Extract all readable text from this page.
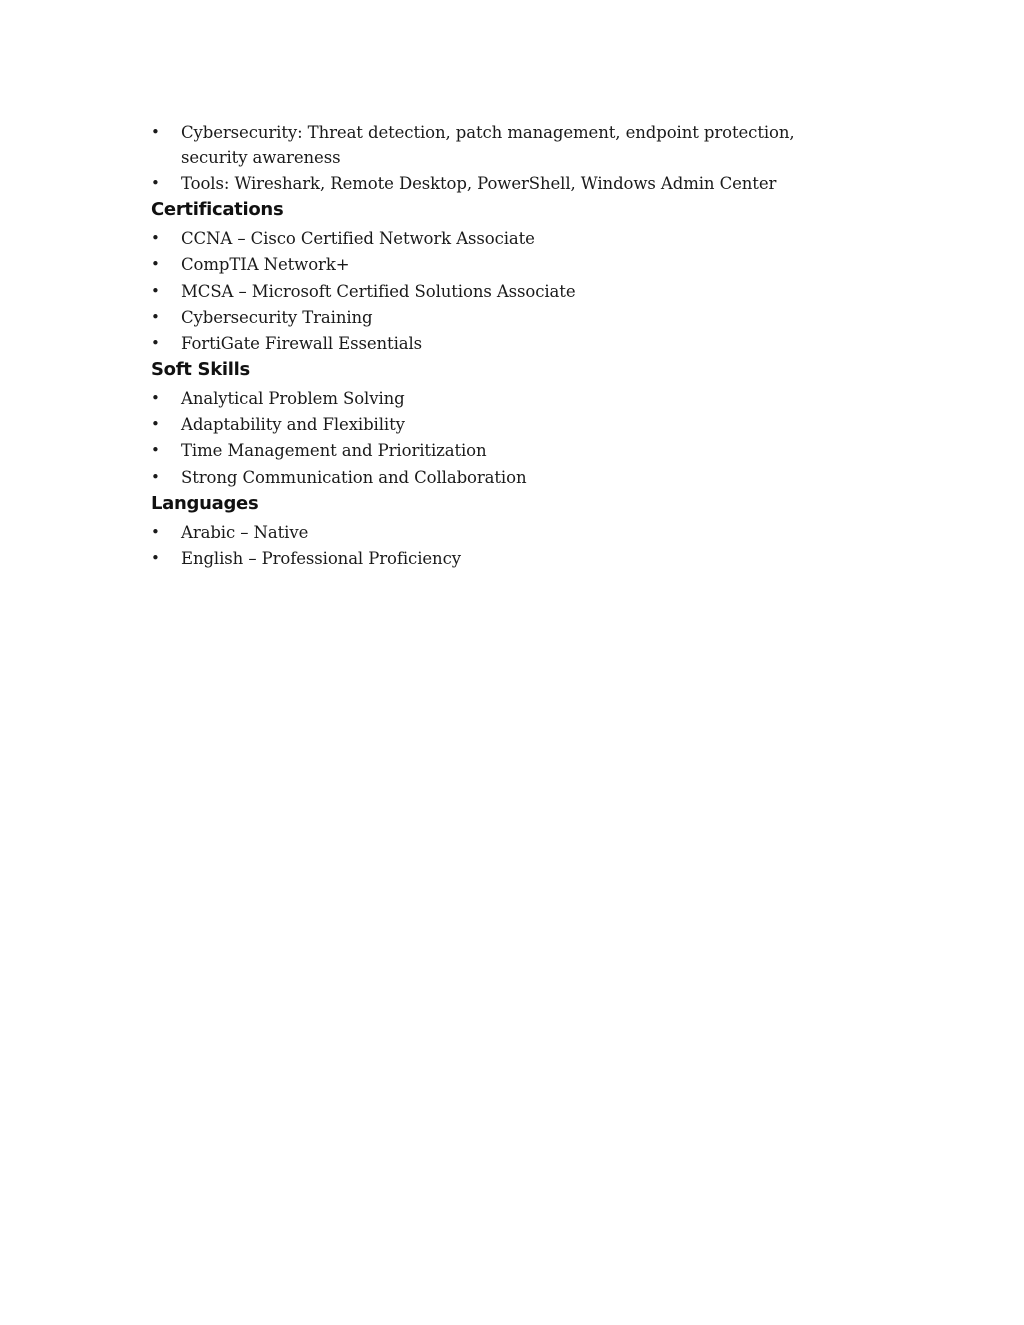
•	Cybersecurity: Threat detection, patch management, endpoint protection, security awareness
•	Tools: Wireshark, Remote Desktop, PowerShell, Windows Admin Center
Certifications
•	CCNA – Cisco Certified Network Associate
•	CompTIA Network+
•	MCSA – Microsoft Certified Solutions Associate
•	Cybersecurity Training
•	FortiGate Firewall Essentials
Soft Skills
•	Analytical Problem Solving
•	Adaptability and Flexibility
•	Time Management and Prioritization
•	Strong Communication and Collaboration
Languages
•	Arabic – Native
•	English – Professional Proficiency
